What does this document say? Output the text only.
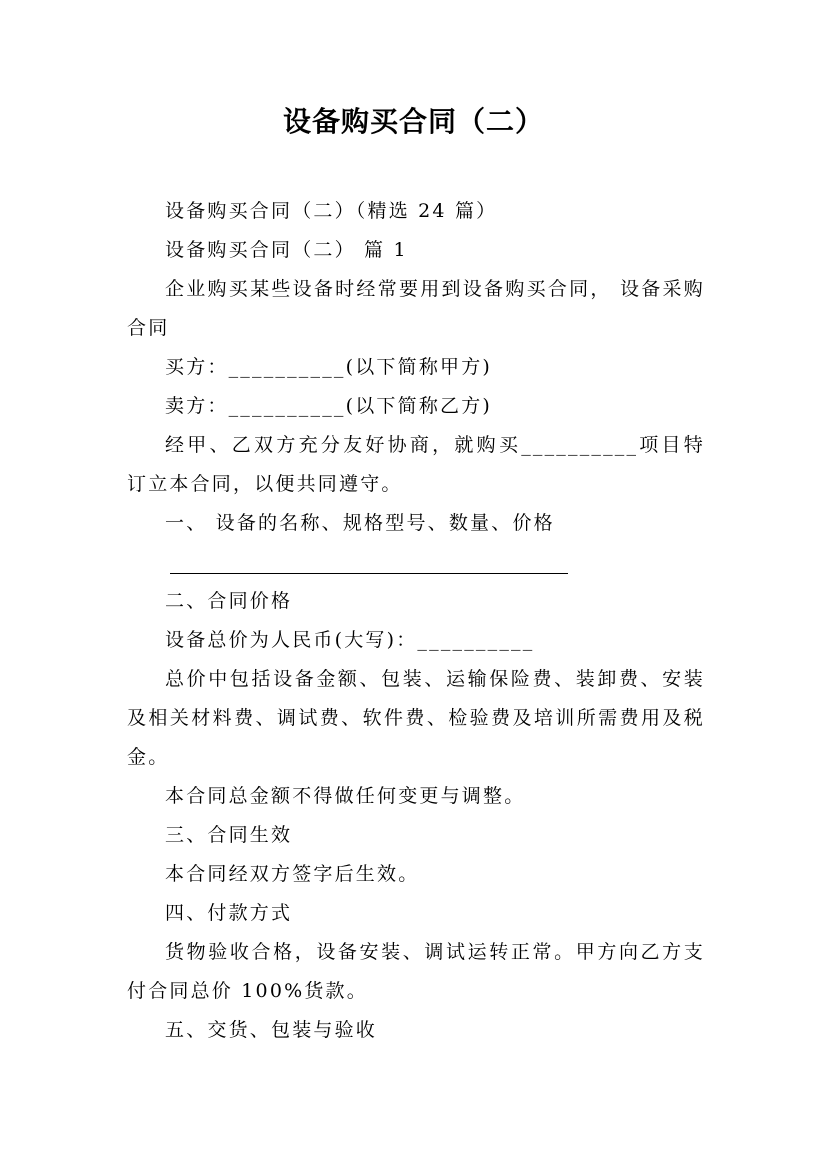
设备购买合同（二）

设备购买合同（二）（精选 24 篇）

设备购买合同（二） 篇 1

企业购买某些设备时经常要用到设备购买合同， 设备采购合同

买方：__________(以下简称甲方)

卖方：__________(以下简称乙方)

经甲、乙双方充分友好协商，就购买__________项目特订立本合同，以便共同遵守。

一、 设备的名称、规格型号、数量、价格

二、合同价格

设备总价为人民币(大写)：__________

总价中包括设备金额、包装、运输保险费、装卸费、安装及相关材料费、调试费、软件费、检验费及培训所需费用及税金。

本合同总金额不得做任何变更与调整。

三、合同生效

本合同经双方签字后生效。

四、付款方式

货物验收合格，设备安装、调试运转正常。甲方向乙方支付合同总价 100%货款。

五、交货、包装与验收
